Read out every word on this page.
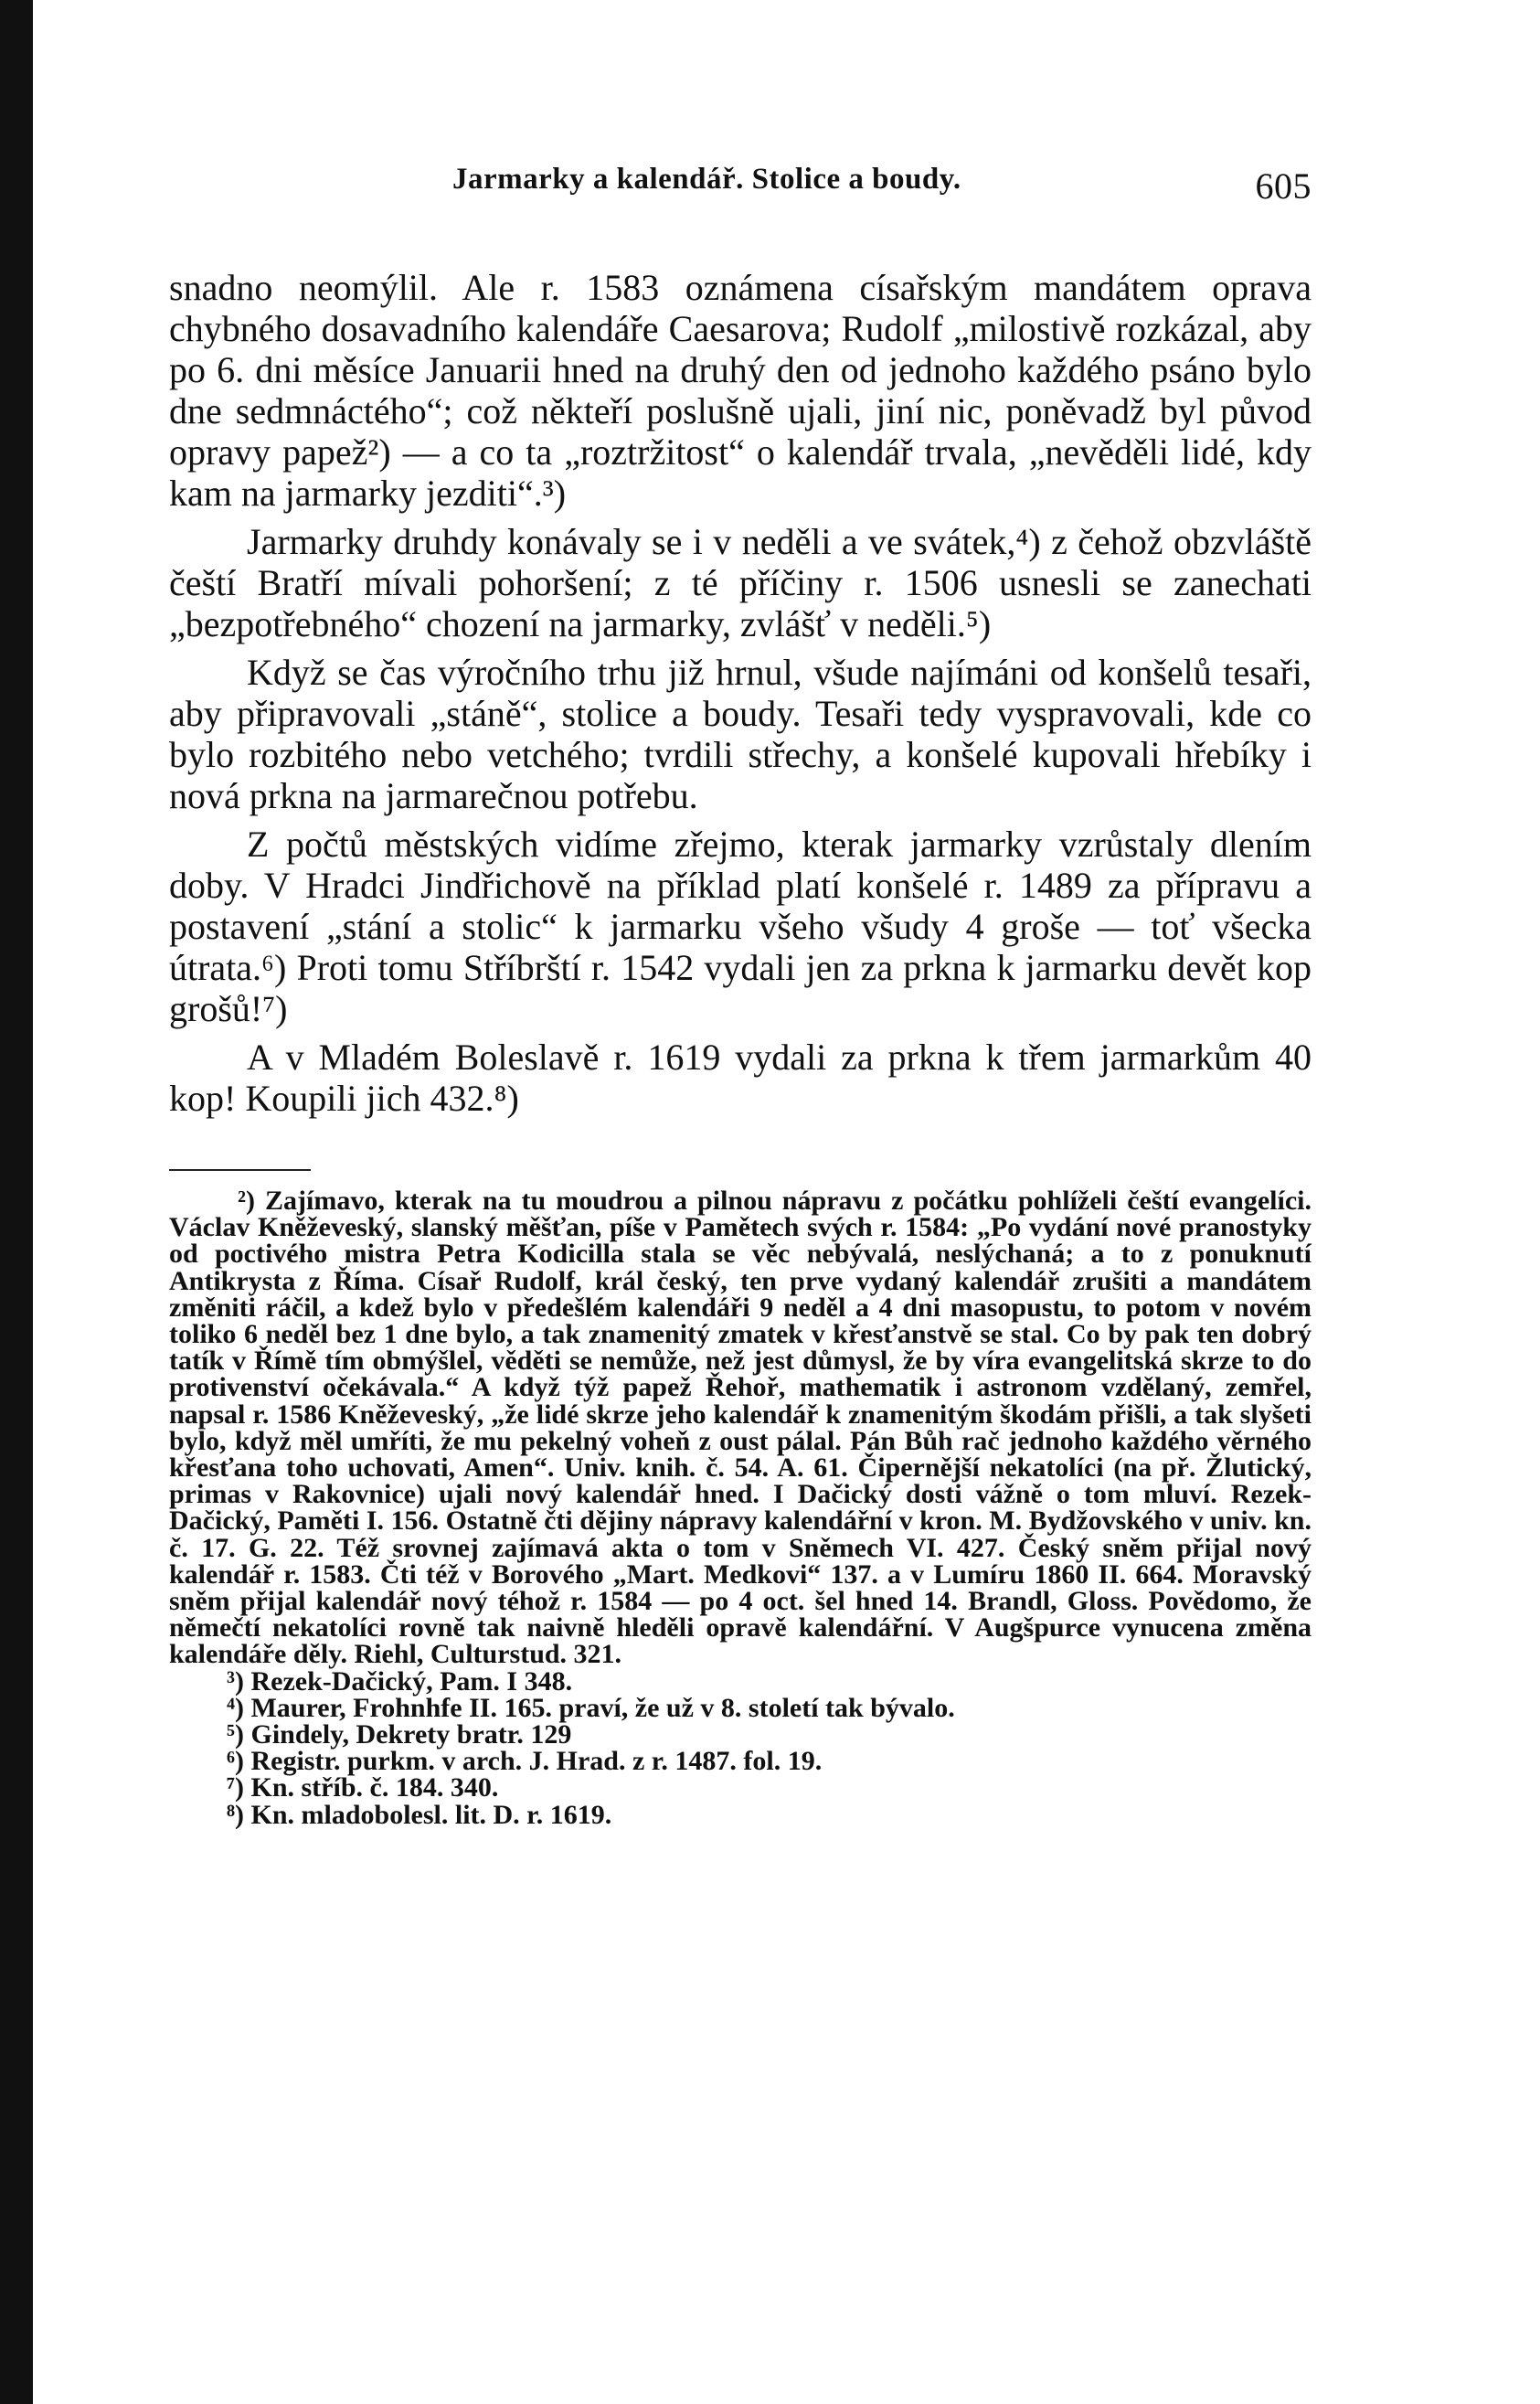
Jarmarky a kalendář. Stolice a boudy.	605

snadno neomýlil. Ale r. 1583 oznámena císařským mandátem oprava chybného dosavadního kalendáře Caesarova; Rudolf „milostivě rozkázal, aby po 6. dni měsíce Januarii hned na druhý den od jednoho každého psáno bylo dne sedmnáctého“; což někteří poslušně ujali, jiní nic, poněvadž byl původ opravy papež²) — a co ta „roztržitost“ o kalendář trvala, „nevěděli lidé, kdy kam na jarmarky jezditi“.³)

Jarmarky druhdy konávaly se i v neděli a ve svátek,⁴) z čehož obzvláště čeští Bratří mívali pohoršení; z té příčiny r. 1506 usnesli se zanechati „bezpotřebného“ chození na jarmarky, zvlášť v neděli.⁵)

Když se čas výročního trhu již hrnul, všude najímáni od konšelů tesaři, aby připravovali „stáně“, stolice a boudy. Tesaři tedy vyspravovali, kde co bylo rozbitého nebo vetchého; tvrdili střechy, a konšelé kupovali hřebíky i nová prkna na jarmarečnou potřebu.

Z počtů městských vidíme zřejmo, kterak jarmarky vzrůstaly dlením doby. V Hradci Jindřichově na příklad platí konšelé r. 1489 za přípravu a postavení „stání a stolic“ k jarmarku všeho všudy 4 groše — toť všecka útrata.⁶) Proti tomu Stříbrští r. 1542 vydali jen za prkna k jarmarku devět kop grošů!⁷)

A v Mladém Boleslavě r. 1619 vydali za prkna k třem jarmarkům 40 kop! Koupili jich 432.⁸)

²) Zajímavo, kterak na tu moudrou a pilnou nápravu z počátku pohlíželi čeští evangelíci. Václav Kněževeský, slanský měšťan, píše v Pamětech svých r. 1584: „Po vydání nové pranostyky od poctivého mistra Petra Kodicilla stala se věc nebývalá, neslýchaná; a to z ponuknutí Antikrysta z Říma. Císař Rudolf, král český, ten prve vydaný kalendář zrušiti a mandátem změniti ráčil, a kdež bylo v předešlém kalendáři 9 neděl a 4 dni masopustu, to potom v novém toliko 6 neděl bez 1 dne bylo, a tak znamenitý zmatek v křesťanstvě se stal. Co by pak ten dobrý tatík v Římě tím obmýšlel, věděti se nemůže, než jest důmysl, že by víra evangelitská skrze to do protivenství očekávala.“ A když týž papež Řehoř, mathematik i astronom vzdělaný, zemřel, napsal r. 1586 Kněževeský, „že lidé skrze jeho kalendář k znamenitým škodám přišli, a tak slyšeti bylo, když měl umříti, že mu pekelný voheň z oust pálal. Pán Bůh rač jednoho každého věrného křesťana toho uchovati, Amen“. Univ. knih. č. 54. A. 61. Čipernější nekatolíci (na př. Žlutický, primas v Rakovnice) ujali nový kalendář hned. I Dačický dosti vážně o tom mluví. Rezek-Dačický, Paměti I. 156. Ostatně čti dějiny nápravy kalendářní v kron. M. Bydžovského v univ. kn. č. 17. G. 22. Též srovnej zajímavá akta o tom v Sněmech VI. 427. Český sněm přijal nový kalendář r. 1583. Čti též v Borového „Mart. Medkovi“ 137. a v Lumíru 1860 II. 664. Moravský sněm přijal kalendář nový téhož r. 1584 — po 4 oct. šel hned 14. Brandl, Gloss. Povědomo, že němečtí nekatolíci rovně tak naivně hleděli opravě kalendářní. V Augšpurce vynucena změna kalendáře děly. Riehl, Culturstud. 321.

³) Rezek-Dačický, Pam. I 348.

⁴) Maurer, Frohnhfe II. 165. praví, že už v 8. století tak bývalo.

⁵) Gindely, Dekrety bratr. 129

⁶) Registr. purkm. v arch. J. Hrad. z r. 1487. fol. 19.

⁷) Kn. stříb. č. 184. 340.

⁸) Kn. mladobolesl. lit. D. r. 1619.
